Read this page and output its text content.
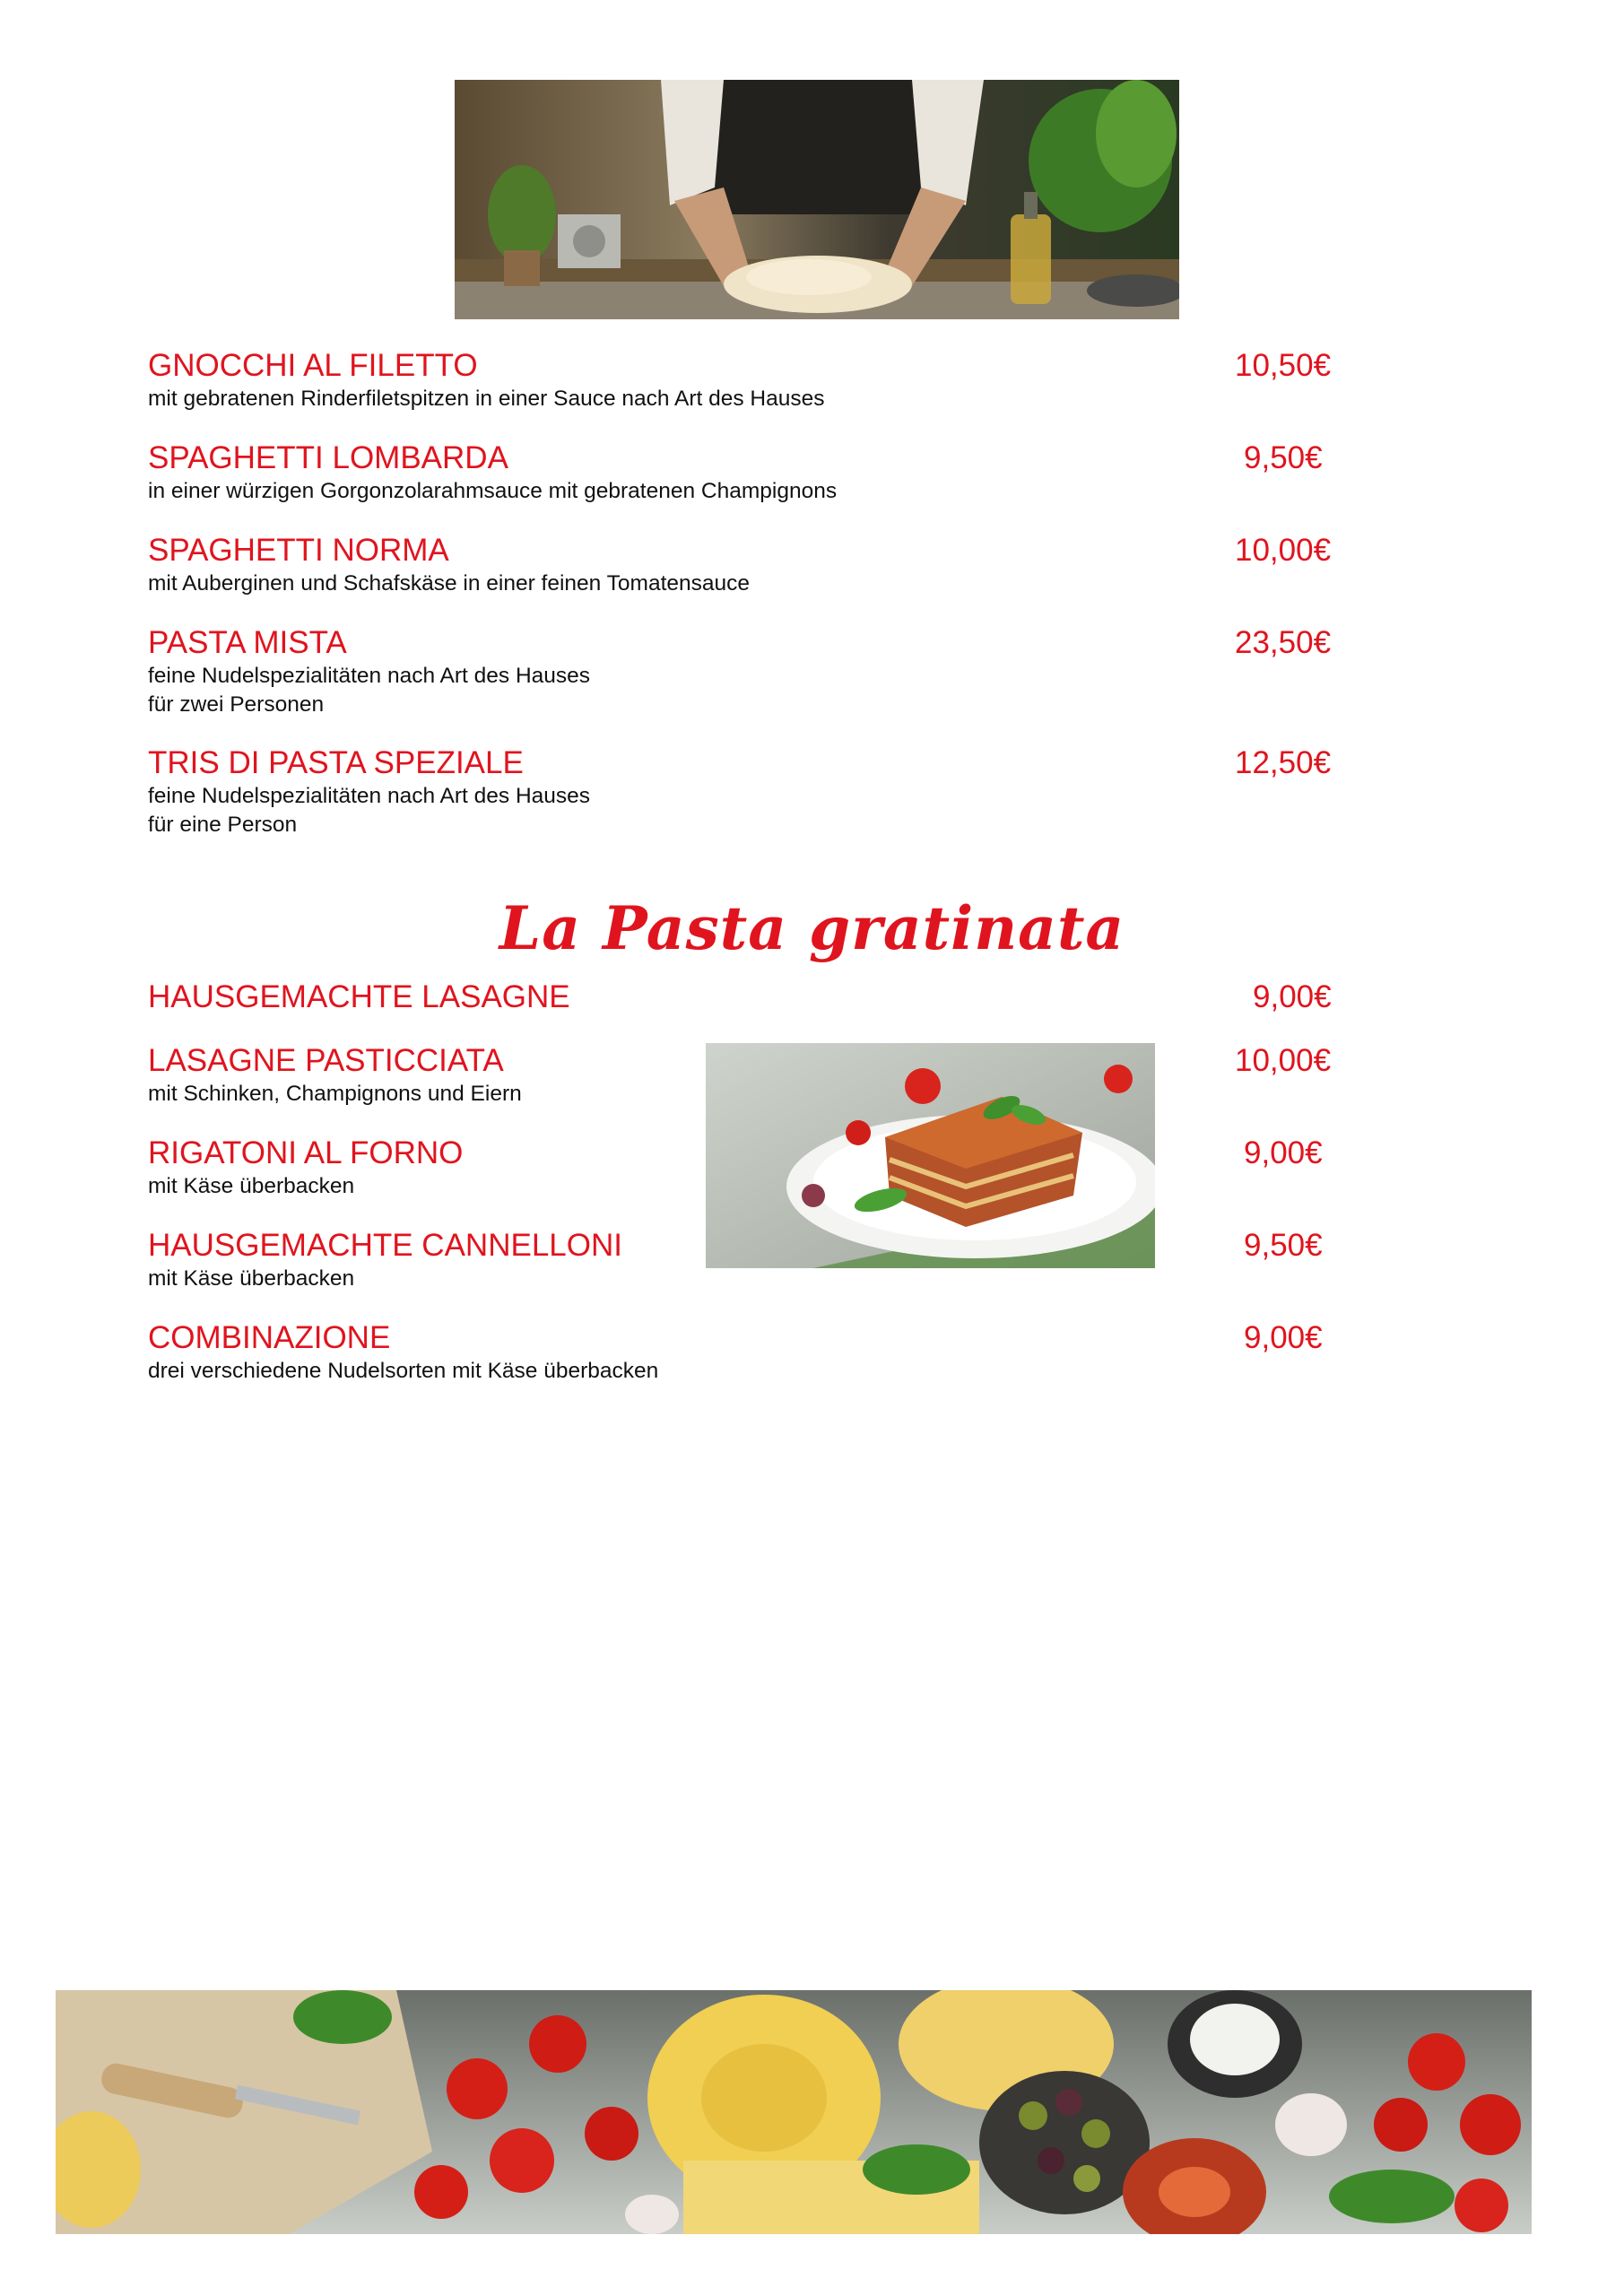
GNOCCHI AL FILETTO
mit gebratenen Rinderfiletspitzen in einer Sauce nach Art des Hauses
10,50€
SPAGHETTI LOMBARDA
in einer würzigen Gorgonzolarahmsauce mit gebratenen Champignons
9,50€
SPAGHETTI NORMA
mit Auberginen und Schafskäse in einer feinen Tomatensauce
10,00€
PASTA MISTA
feine Nudelspezialitäten nach Art des Hauses
für zwei Personen
23,50€
TRIS DI PASTA SPEZIALE
feine Nudelspezialitäten nach Art des Hauses
für eine Person
12,50€
La Pasta gratinata
HAUSGEMACHTE LASAGNE	9,00€
LASAGNE PASTICCIATA
mit Schinken, Champignons und Eiern
10,00€
RIGATONI AL FORNO
mit Käse überbacken
9,00€
HAUSGEMACHTE CANNELLONI
mit Käse überbacken
9,50€
COMBINAZIONE
drei verschiedene Nudelsorten mit Käse überbacken
9,00€
